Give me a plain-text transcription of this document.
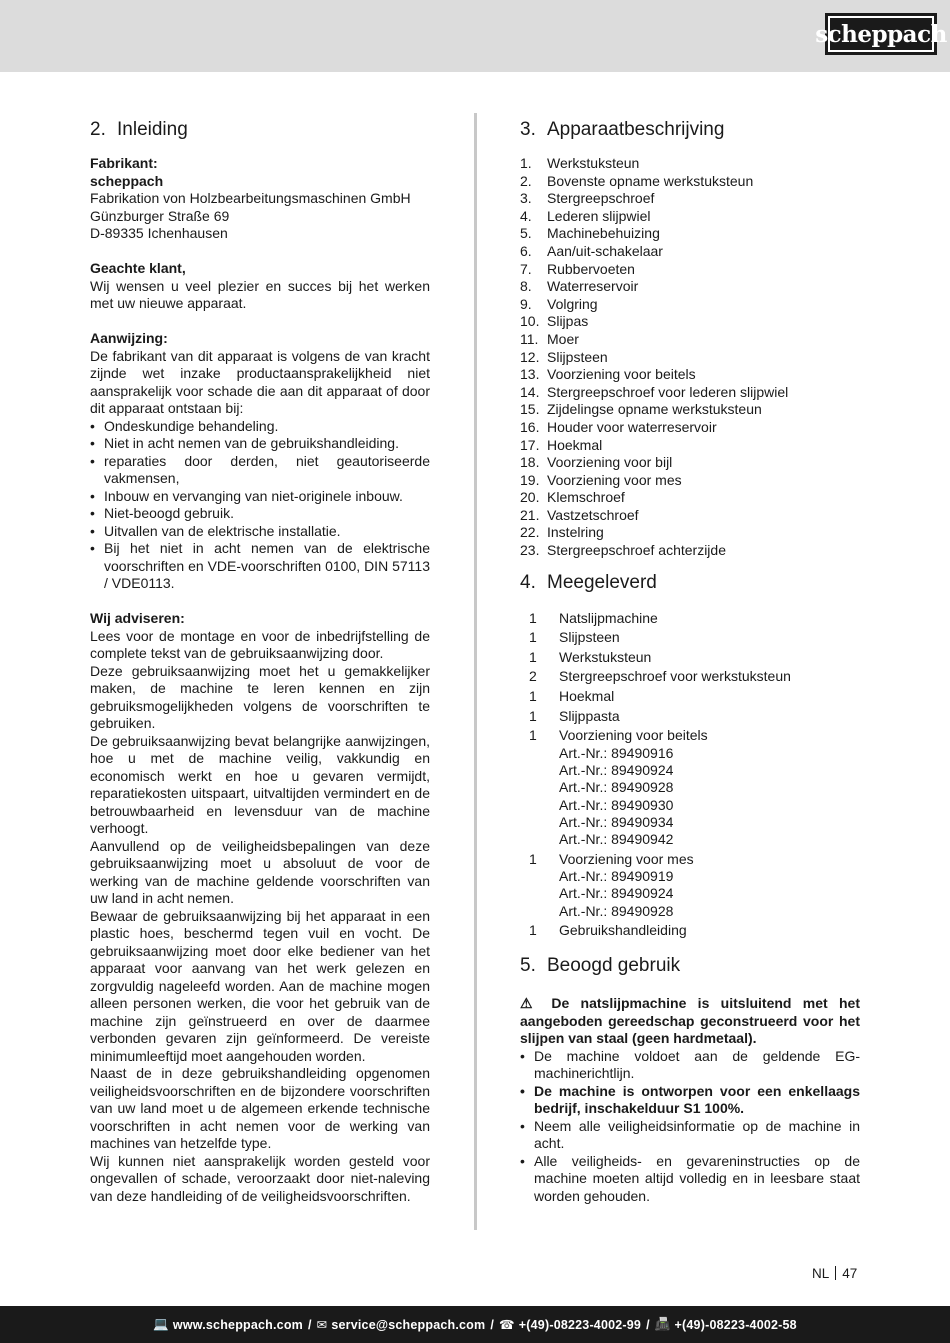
scheppach
2. Inleiding
Fabrikant:
scheppach
Fabrikation von Holzbearbeitungsmaschinen GmbH
Günzburger Straße 69
D-89335 Ichenhausen
Geachte klant,
Wij wensen u veel plezier en succes bij het werken met uw nieuwe apparaat.
Aanwijzing:
De fabrikant van dit apparaat is volgens de van kracht zijnde wet inzake productaansprakelijkheid niet aansprakelijk voor schade die aan dit apparaat of door dit apparaat ontstaan bij:
• Ondeskundige behandeling.
• Niet in acht nemen van de gebruikshandleiding.
• reparaties door derden, niet geautoriseerde vakmensen,
• Inbouw en vervanging van niet-originele inbouw.
• Niet-beoogd gebruik.
• Uitvallen van de elektrische installatie.
• Bij het niet in acht nemen van de elektrische voorschriften en VDE-voorschriften 0100, DIN 57113 / VDE0113.
Wij adviseren:
Lees voor de montage en voor de inbedrijfstelling de complete tekst van de gebruiksaanwijzing door.
Deze gebruiksaanwijzing moet het u gemakkelijker maken, de machine te leren kennen en zijn gebruiksmogelijkheden volgens de voorschriften te gebruiken.
De gebruiksaanwijzing bevat belangrijke aanwijzingen, hoe u met de machine veilig, vakkundig en economisch werkt en hoe u gevaren vermijdt, reparatiekosten uitspaart, uitvaltijden vermindert en de betrouwbaarheid en levensduur van de machine verhoogt.
Aanvullend op de veiligheidsbepalingen van deze gebruiksaanwijzing moet u absoluut de voor de werking van de machine geldende voorschriften van uw land in acht nemen.
Bewaar de gebruiksaanwijzing bij het apparaat in een plastic hoes, beschermd tegen vuil en vocht. De gebruiksaanwijzing moet door elke bediener van het apparaat voor aanvang van het werk gelezen en zorgvuldig nageleefd worden. Aan de machine mogen alleen personen werken, die voor het gebruik van de machine zijn geïnstrueerd en over de daarmee verbonden gevaren zijn geïnformeerd. De vereiste minimumleeftijd moet aangehouden worden.
Naast de in deze gebruikshandleiding opgenomen veiligheidsvoorschriften en de bijzondere voorschriften van uw land moet u de algemeen erkende technische voorschriften in acht nemen voor de werking van machines van hetzelfde type.
Wij kunnen niet aansprakelijk worden gesteld voor ongevallen of schade, veroorzaakt door niet-naleving van deze handleiding of de veiligheidsvoorschriften.
3. Apparaatbeschrijving
1.	Werkstuksteun
2.	Bovenste opname werkstuksteun
3.	Stergreepschroef
4.	Lederen slijpwiel
5.	Machinebehuizing
6.	Aan/uit-schakelaar
7.	Rubbervoeten
8.	Waterreservoir
9.	Volgring
10. Slijpas
11. Moer
12. Slijpsteen
13. Voorziening voor beitels
14. Stergreepschroef voor lederen slijpwiel
15. Zijdelingse opname werkstuksteun
16. Houder voor waterreservoir
17. Hoekmal
18. Voorziening voor bijl
19. Voorziening voor mes
20. Klemschroef
21. Vastzetschroef
22. Instelring
23. Stergreepschroef achterzijde
4. Meegeleverd
1	Natslijpmachine
1	Slijpsteen
1	Werkstuksteun
2	Stergreepschroef voor werkstuksteun
1	Hoekmal
1	Slijppasta
1	Voorziening voor beitels
Art.-Nr.: 89490916
Art.-Nr.: 89490924
Art.-Nr.: 89490928
Art.-Nr.: 89490930
Art.-Nr.: 89490934
Art.-Nr.: 89490942
1	Voorziening voor mes
Art.-Nr.: 89490919
Art.-Nr.: 89490924
Art.-Nr.: 89490928
1	Gebruikshandleiding
5. Beoogd gebruik
⚠ De natslijpmachine is uitsluitend met het aangeboden gereedschap geconstrueerd voor het slijpen van staal (geen hardmetaal).
• De machine voldoet aan de geldende EG-machinerichtlijn.
• De machine is ontworpen voor een enkellaags bedrijf, inschakelduur S1 100%.
• Neem alle veiligheidsinformatie op de machine in acht.
• Alle veiligheids- en gevareninstructies op de machine moeten altijd volledig en in leesbare staat worden gehouden.
NL 47
💻 www.scheppach.com / ✉ service@scheppach.com / ☎ +(49)-08223-4002-99 / 📠 +(49)-08223-4002-58
